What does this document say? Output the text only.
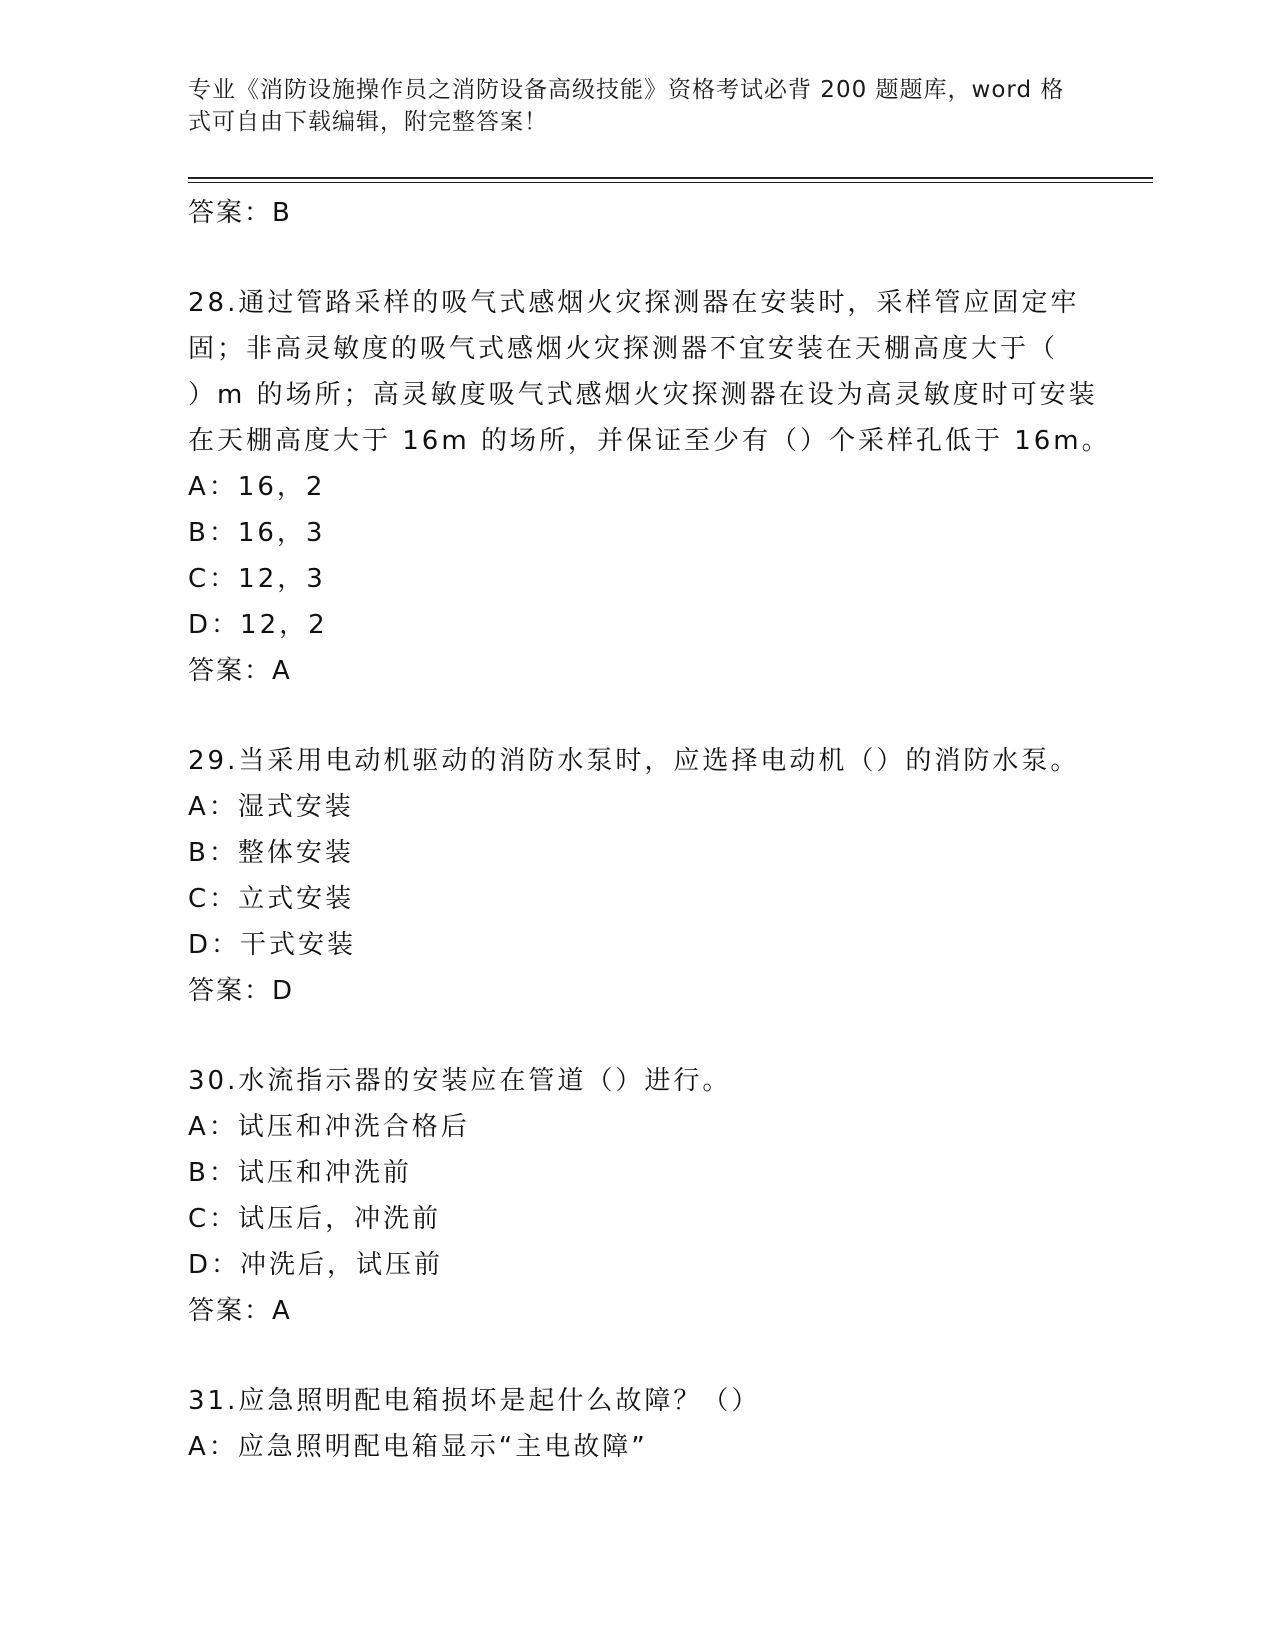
专业《消防设施操作员之消防设备高级技能》资格考试必背 200 题题库，word 格
式可自由下载编辑，附完整答案！
答案：B
28.通过管路采样的吸气式感烟火灾探测器在安装时，采样管应固定牢
固；非高灵敏度的吸气式感烟火灾探测器不宜安装在天棚高度大于（
）m 的场所；高灵敏度吸气式感烟火灾探测器在设为高灵敏度时可安装
在天棚高度大于 16m 的场所，并保证至少有（）个采样孔低于 16m。
A：16，2
B：16，3
C：12，3
D：12，2
答案：A
29.当采用电动机驱动的消防水泵时，应选择电动机（）的消防水泵。
A：湿式安装
B：整体安装
C：立式安装
D：干式安装
答案：D
30.水流指示器的安装应在管道（）进行。
A：试压和冲洗合格后
B：试压和冲洗前
C：试压后，冲洗前
D：冲洗后，试压前
答案：A
31.应急照明配电箱损坏是起什么故障？（）
A：应急照明配电箱显示“主电故障”
